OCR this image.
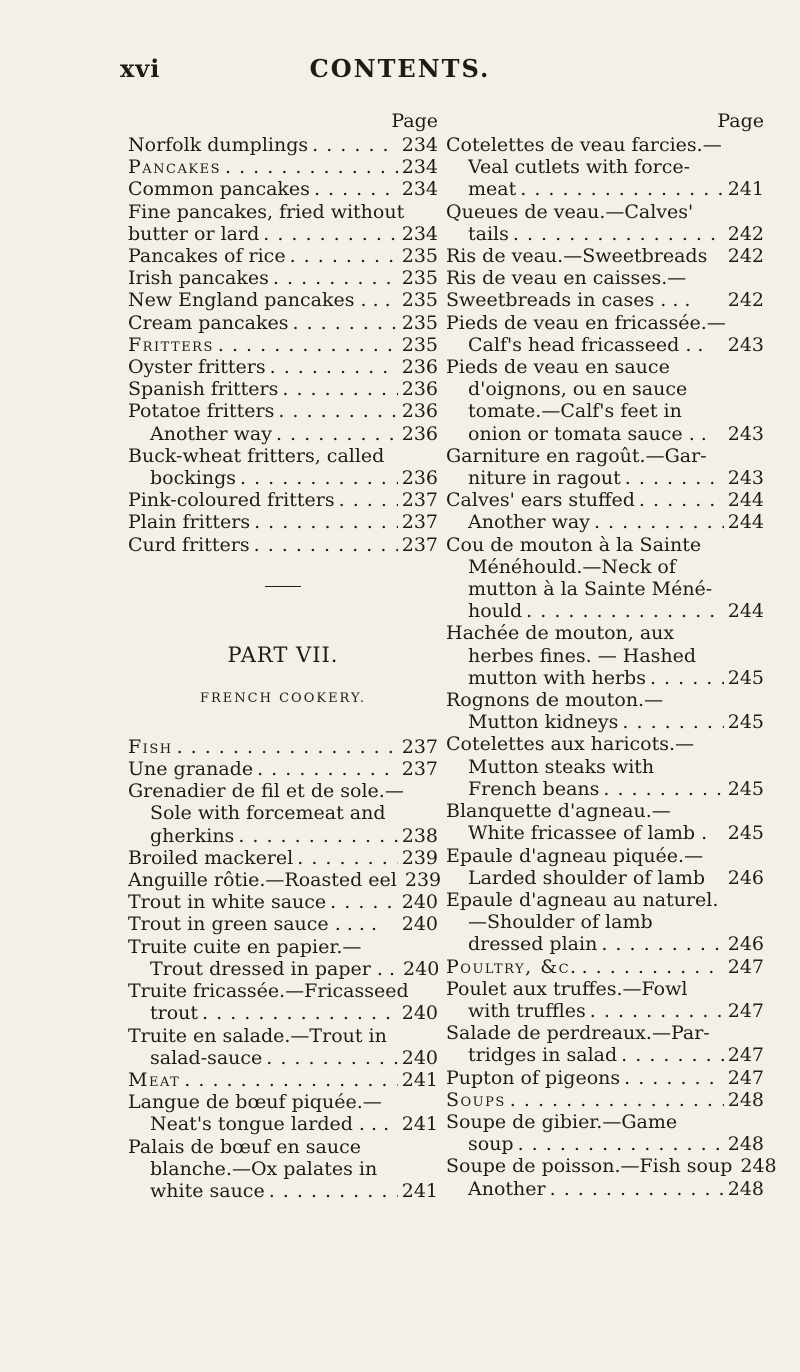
xvi	CONTENTS.
Page
Norfolk dumplings . . .	234
Pancakes . . .	234
Common pancakes . . .	234
Fine pancakes, fried without
butter or lard . . .	234
Pancakes of rice . . .	235
Irish pancakes . . .	235
New England pancakes . . . 235
Cream pancakes . . .	235
Fritters . . .	235
Oyster fritters . . .	236
Spanish fritters . . .	236
Potatoe fritters . . .	236
Another way . . .	236
Buck-wheat fritters, called
bockings . . .	236
Pink-coloured fritters . . .	237
Plain fritters . . .	237
Curd fritters . . .	237
PART VII.
FRENCH COOKERY.
Fish . . .	237
Une granade . . .	237
Grenadier de fil et de sole.—
Sole with forcemeat and
gherkins . . .	238
Broiled mackerel . . .	239
Anguille rôtie.—Roasted eel 239
Trout in white sauce . . .	240
Trout in green sauce . . . . 240
Truite cuite en papier.—
Trout dressed in paper . . 240
Truite fricassée.—Fricasseed
trout . . .	240
Truite en salade.—Trout in
salad-sauce . . .	240
Meat . . .	241
Langue de bœuf piquée.—
Neat's tongue larded . . . 241
Palais de bœuf en sauce
blanche.—Ox palates in
white sauce . . .	241
Page
Cotelettes de veau farcies.—
Veal cutlets with force-
meat . . .	241
Queues de veau.—Calves'
tails . . .	242
Ris de veau.—Sweetbreads 242
Ris de veau en caisses.—
Sweetbreads in cases . . . 242
Pieds de veau en fricassée.—
Calf's head fricasseed . . 243
Pieds de veau en sauce
d'oignons, ou en sauce
tomate.—Calf's feet in
onion or tomata sauce . . 243
Garniture en ragoût.—Gar-
niture in ragout . . .	243
Calves' ears stuffed . . .	244
Another way . . .	244
Cou de mouton à la Sainte
Ménéhould.—Neck of
mutton à la Sainte Méné-
hould . . .	244
Hachée de mouton, aux
herbes fines. — Hashed
mutton with herbs . . .	245
Rognons de mouton.—
Mutton kidneys . . .	245
Cotelettes aux haricots.—
Mutton steaks with
French beans . . .	245
Blanquette d'agneau.—
White fricassee of lamb . 245
Epaule d'agneau piquée.—
Larded shoulder of lamb 246
Epaule d'agneau au naturel.
—Shoulder of lamb
dressed plain . . .	246
Poultry, &c. . . .	247
Poulet aux truffes.—Fowl
with truffles . . .	247
Salade de perdreaux.—Par-
tridges in salad . . .	247
Pupton of pigeons . . .	247
Soups . . .	248
Soupe de gibier.—Game
soup . . .	248
Soupe de poisson.—Fish soup 248
Another . . .	248
